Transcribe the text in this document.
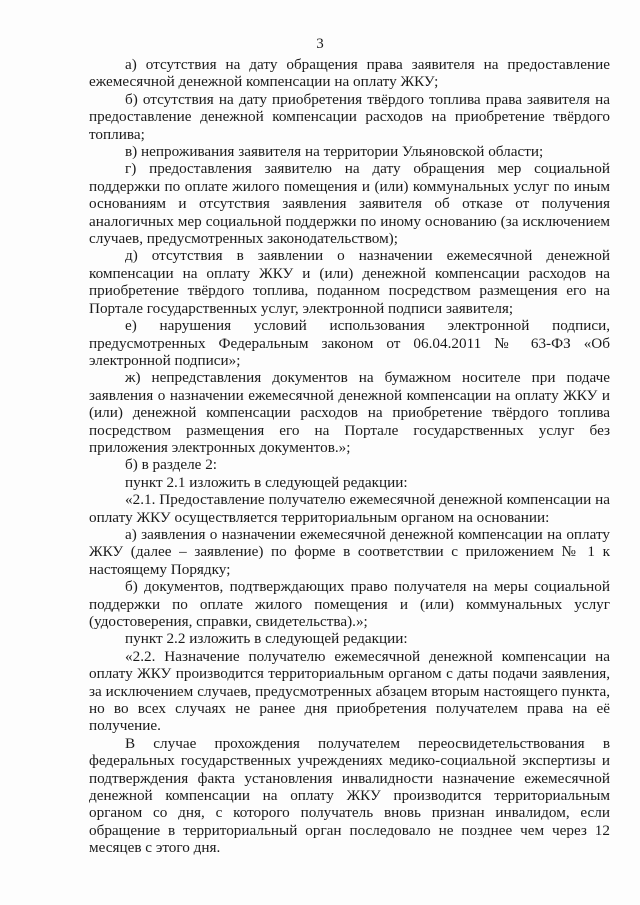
3

а) отсутствия на дату обращения права заявителя на предоставление ежемесячной денежной компенсации на оплату ЖКУ;

б) отсутствия на дату приобретения твёрдого топлива права заявителя на предоставление денежной компенсации расходов на приобретение твёрдого топлива;

в) непроживания заявителя на территории Ульяновской области;

г) предоставления заявителю на дату обращения мер социальной поддержки по оплате жилого помещения и (или) коммунальных услуг по иным основаниям и отсутствия заявления заявителя об отказе от получения аналогичных мер социальной поддержки по иному основанию (за исключением случаев, предусмотренных законодательством);

д) отсутствия в заявлении о назначении ежемесячной денежной компенсации на оплату ЖКУ и (или) денежной компенсации расходов на приобретение твёрдого топлива, поданном посредством размещения его на Портале государственных услуг, электронной подписи заявителя;

е) нарушения условий использования электронной подписи, предусмотренных Федеральным законом от 06.04.2011 № 63-ФЗ «Об электронной подписи»;

ж) непредставления документов на бумажном носителе при подаче заявления о назначении ежемесячной денежной компенсации на оплату ЖКУ и (или) денежной компенсации расходов на приобретение твёрдого топлива посредством размещения его на Портале государственных услуг без приложения электронных документов.»;

б) в разделе 2:

пункт 2.1 изложить в следующей редакции:

«2.1. Предоставление получателю ежемесячной денежной компенсации на оплату ЖКУ осуществляется территориальным органом на основании:

а) заявления о назначении ежемесячной денежной компенсации на оплату ЖКУ (далее – заявление) по форме в соответствии с приложением № 1 к настоящему Порядку;

б) документов, подтверждающих право получателя на меры социальной поддержки по оплате жилого помещения и (или) коммунальных услуг (удостоверения, справки, свидетельства).»;

пункт 2.2 изложить в следующей редакции:

«2.2. Назначение получателю ежемесячной денежной компенсации на оплату ЖКУ производится территориальным органом с даты подачи заявления, за исключением случаев, предусмотренных абзацем вторым настоящего пункта, но во всех случаях не ранее дня приобретения получателем права на её получение.

В случае прохождения получателем переосвидетельствования в федеральных государственных учреждениях медико-социальной экспертизы и подтверждения факта установления инвалидности назначение ежемесячной денежной компенсации на оплату ЖКУ производится территориальным органом со дня, с которого получатель вновь признан инвалидом, если обращение в территориальный орган последовало не позднее чем через 12 месяцев с этого дня.
